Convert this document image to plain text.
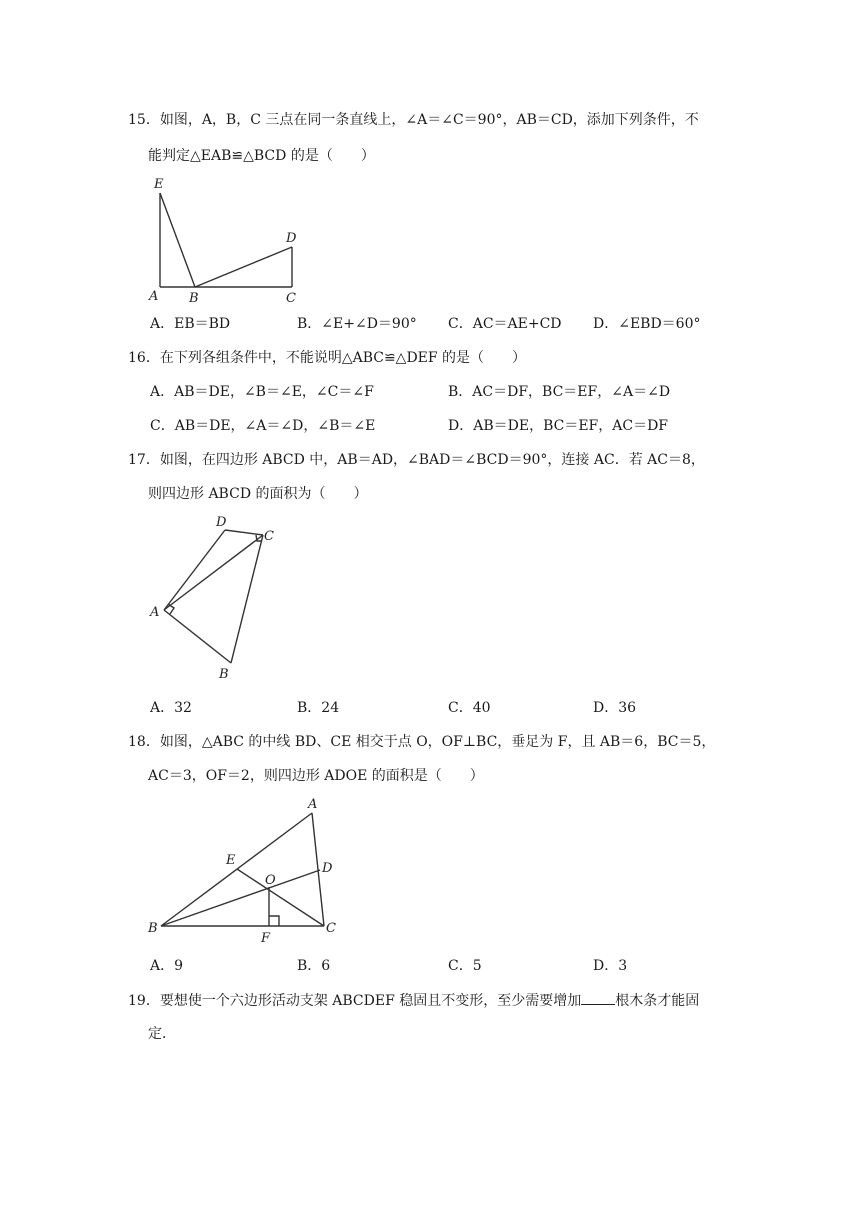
15．如图，A，B，C 三点在同一条直线上，∠A＝∠C＝90°，AB＝CD，添加下列条件，不
能判定△EAB≌△BCD 的是（　　）
E
A B	C
D
A．EB＝BD	B．∠E+∠D＝90° C．AC＝AE+CD D．∠EBD＝60°
16．在下列各组条件中，不能说明△ABC≌△DEF 的是（　　）
A．AB＝DE，∠B＝∠E，∠C＝∠F	B．AC＝DF，BC＝EF，∠A＝∠D
C．AB＝DE，∠A＝∠D，∠B＝∠E	D．AB＝DE，BC＝EF，AC＝DF
17．如图，在四边形 ABCD 中，AB＝AD，∠BAD＝∠BCD＝90°，连接 AC．若 AC＝8，
则四边形 ABCD 的面积为（　　）
D
C
A
B
A．32	B．24	C．40	D．36
18．如图，△ABC 的中线 BD、CE 相交于点 O，OF⊥BC，垂足为 F，且 AB＝6，BC＝5，
AC＝3，OF＝2，则四边形 ADOE 的面积是（　　）
A
E
D
O
B	C
F
A．9	B．6	C．5	D．3
19．要想使一个六边形活动支架 ABCDEF 稳固且不变形，至少需要增加 根木条才能固
定．
